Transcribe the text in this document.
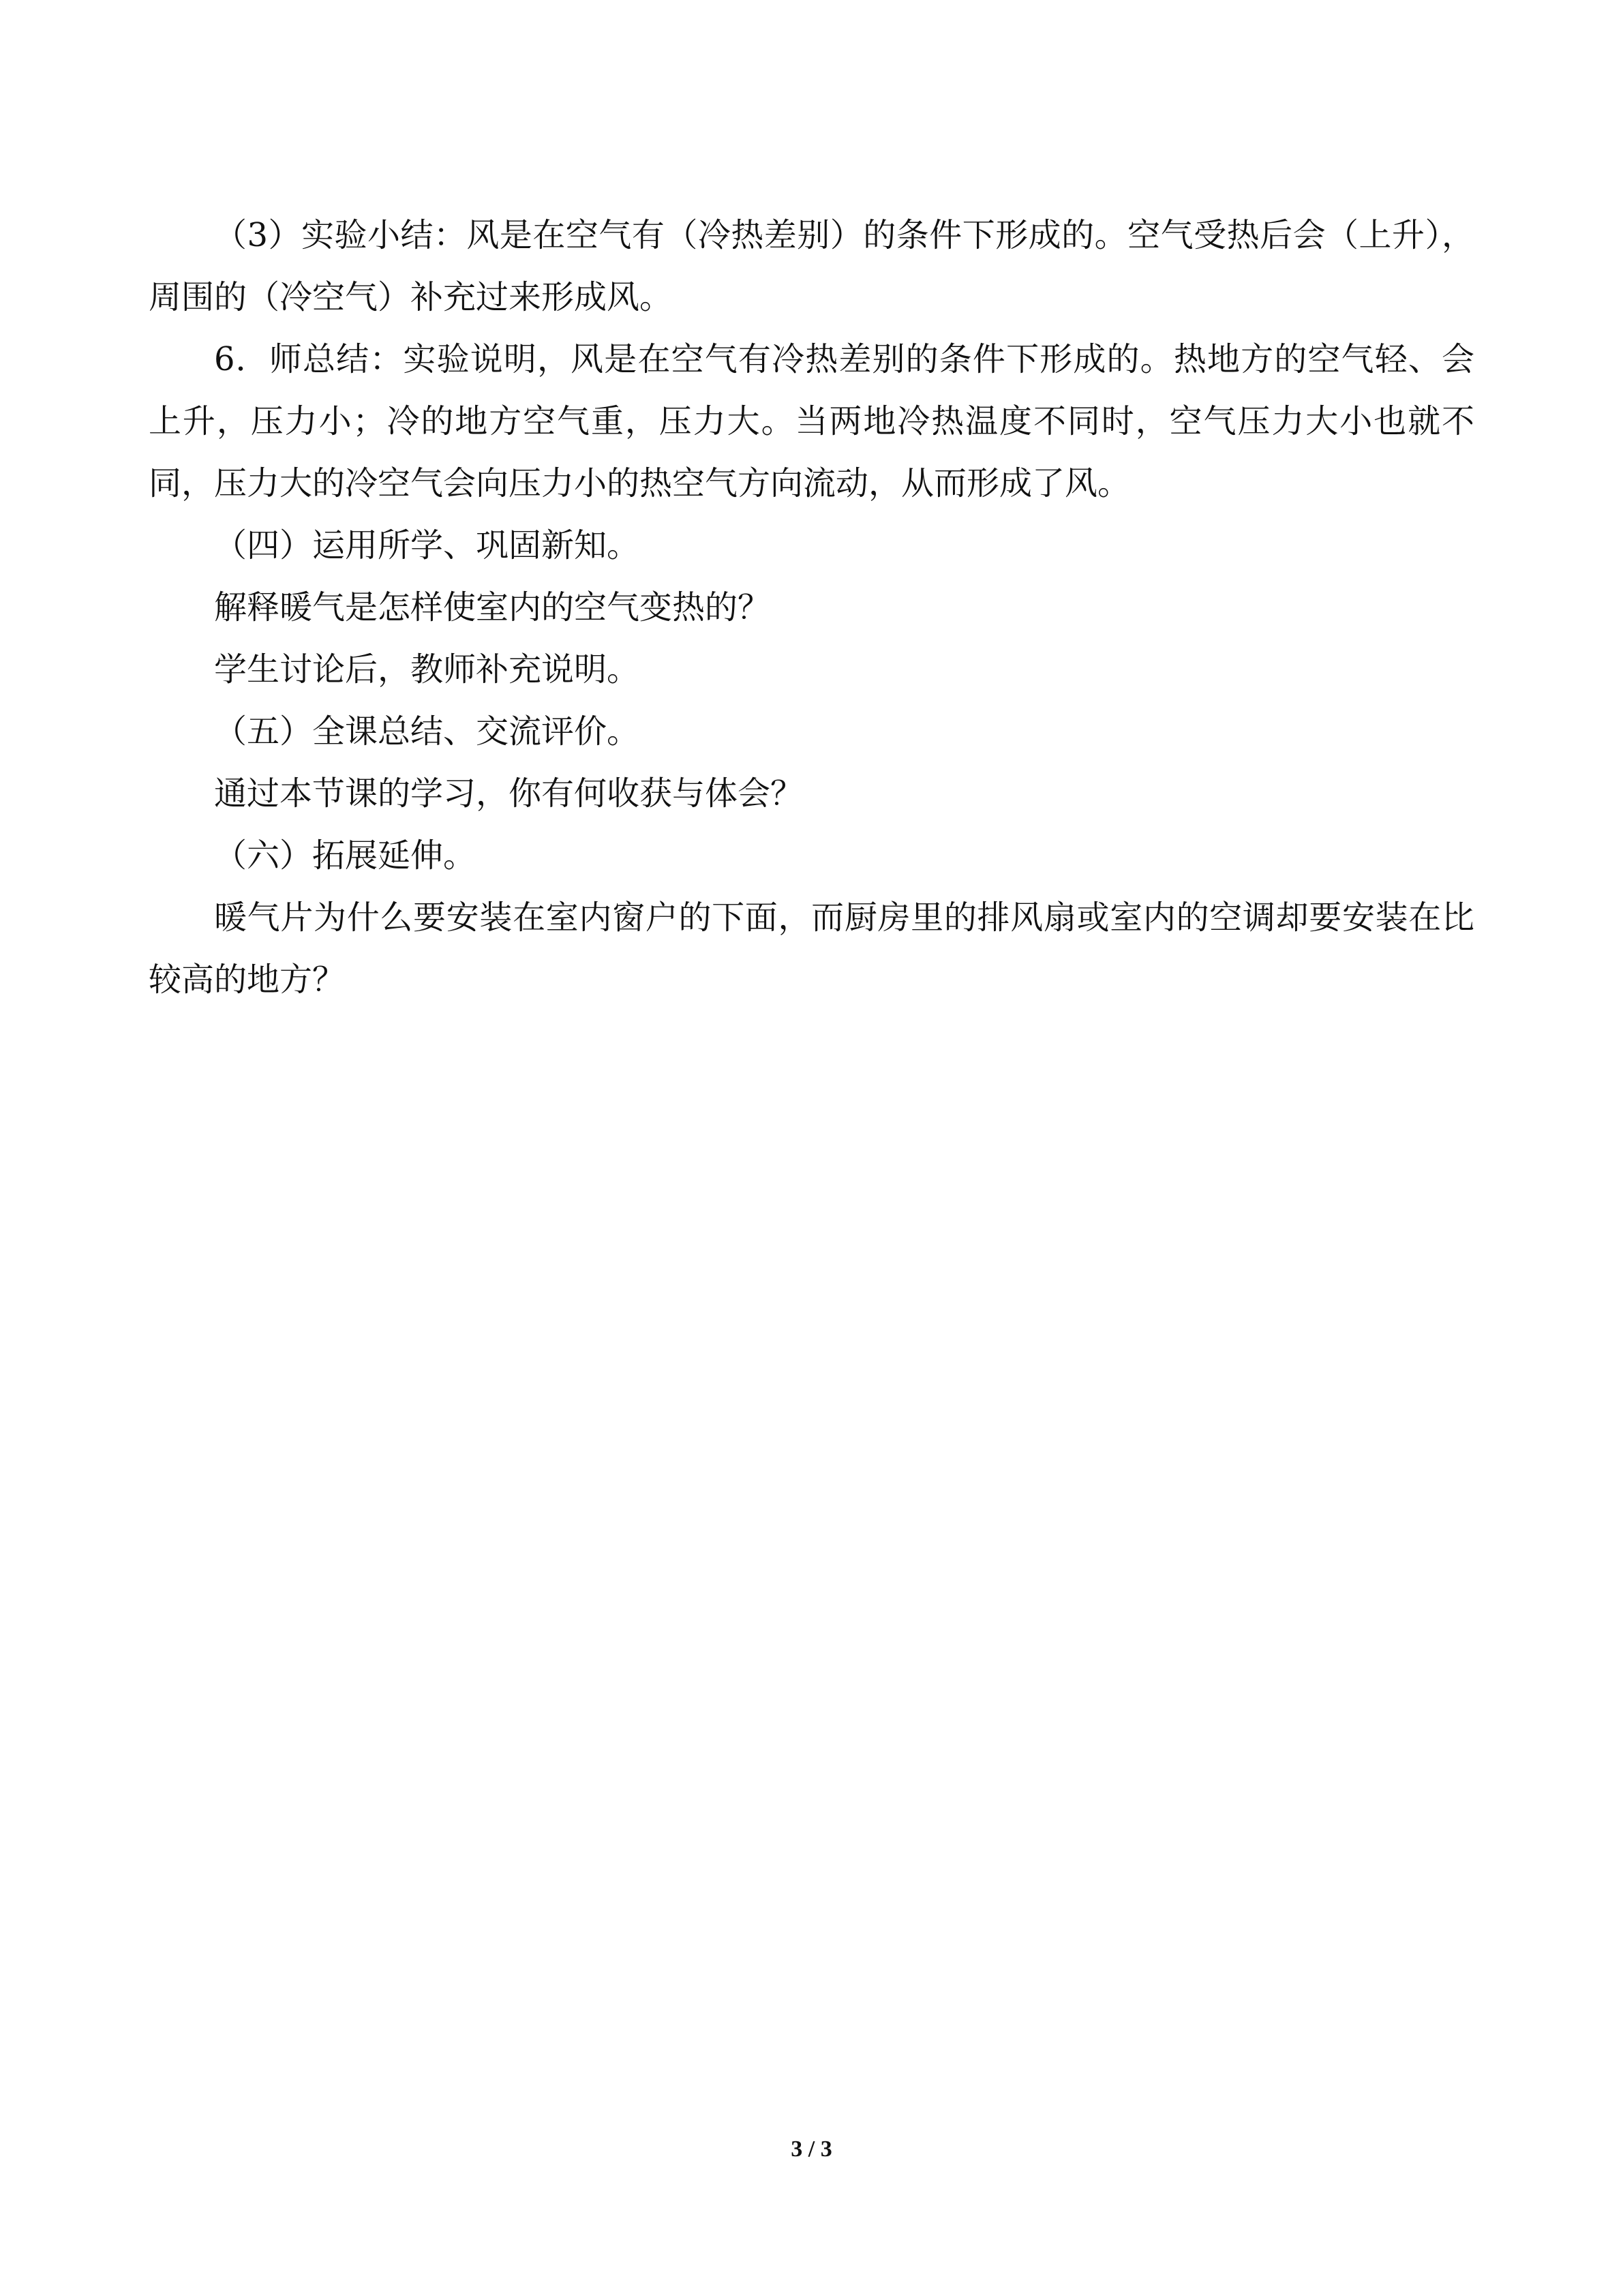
（3）实验小结：风是在空气有（冷热差别）的条件下形成的。空气受热后会（上升），周围的（冷空气）补充过来形成风。

6．师总结：实验说明，风是在空气有冷热差别的条件下形成的。热地方的空气轻、会上升，压力小；冷的地方空气重，压力大。当两地冷热温度不同时，空气压力大小也就不同，压力大的冷空气会向压力小的热空气方向流动，从而形成了风。

（四）运用所学、巩固新知。

解释暖气是怎样使室内的空气变热的？

学生讨论后，教师补充说明。

（五）全课总结、交流评价。

通过本节课的学习，你有何收获与体会？

（六）拓展延伸。

暖气片为什么要安装在室内窗户的下面，而厨房里的排风扇或室内的空调却要安装在比较高的地方？

3 / 3
